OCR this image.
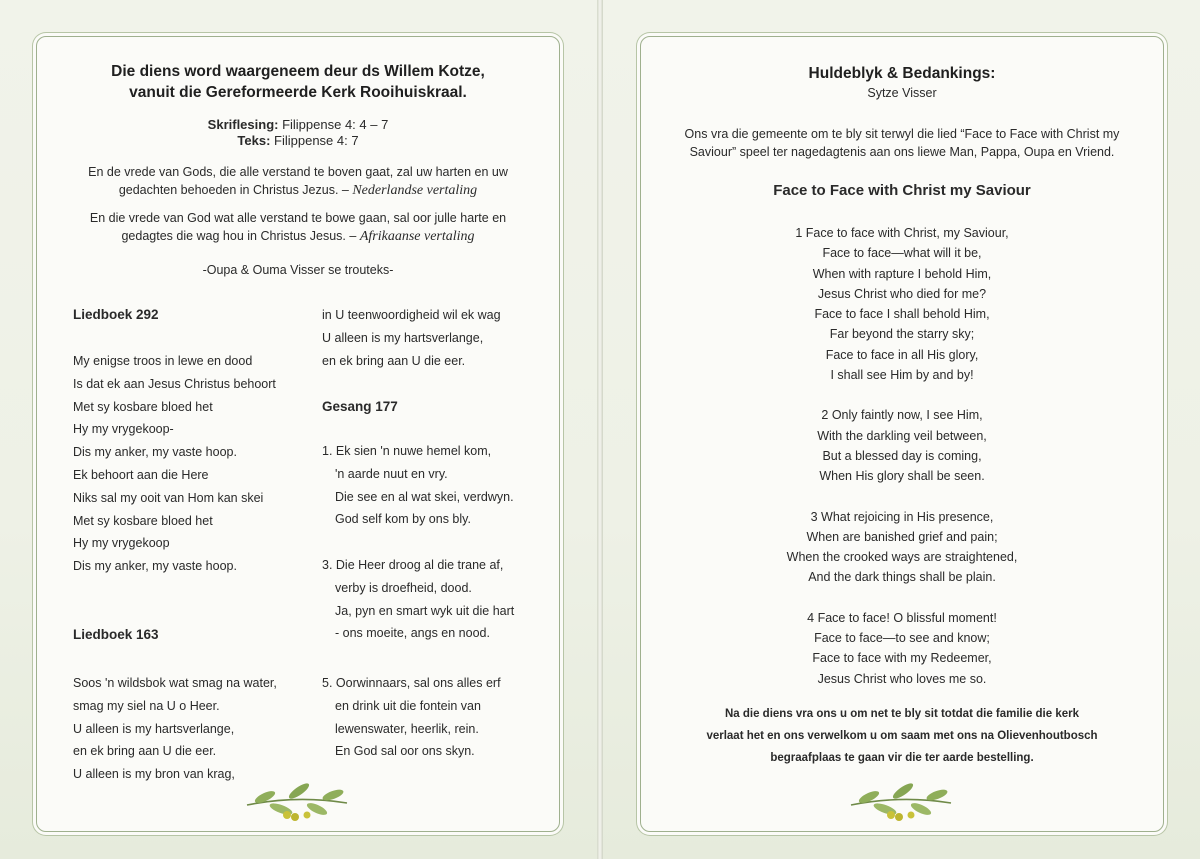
Die diens word waargeneem deur ds Willem Kotze,
vanuit die Gereformeerde Kerk Rooihuiskraal.
Skriflesing: Filippense 4: 4 – 7
Teks: Filippense 4: 7
En de vrede van Gods, die alle verstand te boven gaat, zal uw harten en uw
gedachten behoeden in Christus Jezus. – Nederlandse vertaling
En die vrede van God wat alle verstand te bowe gaan, sal oor julle harte en
gedagtes die wag hou in Christus Jesus. – Afrikaanse vertaling
-Oupa & Ouma Visser se trouteks-
Liedboek 292
My enigse troos in lewe en dood
Is dat ek aan Jesus Christus behoort
Met sy kosbare bloed het
Hy my vrygekoop-
Dis my anker, my vaste hoop.
Ek behoort aan die Here
Niks sal my ooit van Hom kan skei
Met sy kosbare bloed het
Hy my vrygekoop
Dis my anker, my vaste hoop.
Liedboek 163
Soos 'n wildsbok wat smag na water,
smag my siel na U o Heer.
U alleen is my hartsverlange,
en ek bring aan U die eer.
U alleen is my bron van krag,
in U teenwoordigheid wil ek wag
U alleen is my hartsverlange,
en ek bring aan U die eer.
Gesang 177
1. Ek sien 'n nuwe hemel kom,
'n aarde nuut en vry.
Die see en al wat skei, verdwyn.
God self kom by ons bly.
3. Die Heer droog al die trane af,
verby is droefheid, dood.
Ja, pyn en smart wyk uit die hart
- ons moeite, angs en nood.
5. Oorwinnaars, sal ons alles erf
en drink uit die fontein van
lewenswater, heerlik, rein.
En God sal oor ons skyn.
Huldeblyk & Bedankings:
Sytze Visser
Ons vra die gemeente om te bly sit terwyl die lied “Face to Face with Christ my
Saviour” speel ter nagedagtenis aan ons liewe Man, Pappa, Oupa en Vriend.
Face to Face with Christ my Saviour
1 Face to face with Christ, my Saviour,
Face to face—what will it be,
When with rapture I behold Him,
Jesus Christ who died for me?
Face to face I shall behold Him,
Far beyond the starry sky;
Face to face in all His glory,
I shall see Him by and by!
2 Only faintly now, I see Him,
With the darkling veil between,
But a blessed day is coming,
When His glory shall be seen.
3 What rejoicing in His presence,
When are banished grief and pain;
When the crooked ways are straightened,
And the dark things shall be plain.
4 Face to face! O blissful moment!
Face to face—to see and know;
Face to face with my Redeemer,
Jesus Christ who loves me so.
Na die diens vra ons u om net te bly sit totdat die familie die kerk
verlaat het en ons verwelkom u om saam met ons na Olievenhoutbosch
begraafplaas te gaan vir die ter aarde bestelling.
